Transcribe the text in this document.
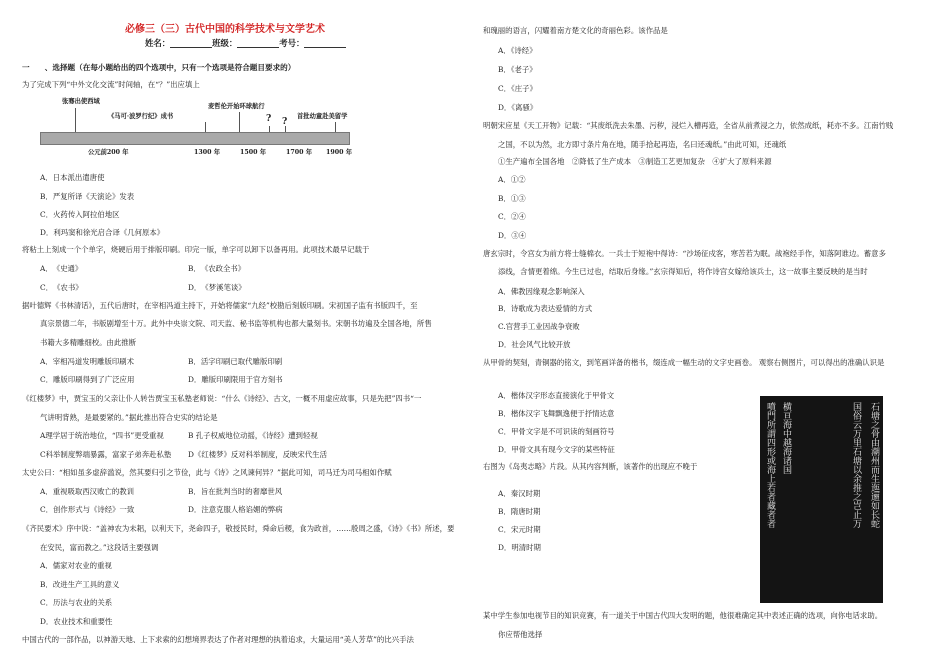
必修三（三）古代中国的科学技术与文学艺术
姓名：	班级：	考号：
一　　、选择题（在每小题给出的四个选项中，只有一个选项是符合题目要求的）
为了完成下列“中外文化交流”时间轴，在“？”出应填上
张骞出使西域
《马可·波罗行纪》成书
麦哲伦开始环球航行
首批幼童赴美留学
? ?
公元前200 年	1300 年	1500 年	1700 年 1900 年
A．日本派出遣唐使
B．严复所译《天演论》发表
C．火药传入阿拉伯地区
D．利玛窦和徐光启合译《几何原本》
将粘土上刻成一个个单字，烧硬后用于排版印刷。印完一版，单字可以卸下以备再用。此项技术最早记载于
A．　《史通》	B．　《农政全书》
C．　《农书》	D．　《梦溪笔谈》
据叶德辉《书林清话》，五代后唐时，在宰相冯道主持下，开始将儒家“九经”校勘后刻版印刷。宋初国子监有书版四千，至
真宗景德二年，书版剧增至十万。此外中央崇文院、司天监、秘书监等机构也都大量刻书。宋朝书坊遍及全国各地，所售
书籍大多精雕细校。由此推断
A．宰相冯道发明雕版印刷术	B．活字印刷已取代雕版印刷
C．雕版印刷得到了广泛应用	D．雕版印刷限用于官方刻书
《红楼梦》中，贾宝玉的父亲让仆人转告贾宝玉私塾老师说：“什么《诗经》、古文，一概不用虚应故事，只是先把”四书“一
气讲明背熟，是最要紧的。”据此推出符合史实的结论是
A理学居于统治地位，“四书”更受重视	B 孔子权威地位动摇，《诗经》遭到轻视
C科举制度弊端暴露，富家子弟奔赴私塾 D《红楼梦》反对科举制度，反映宋代生活
太史公曰：“相如虽多虚辞滥说，然其要归引之节俭，此与《诗》之风谏何异？”据此可知，司马迁为司马相如作赋
A．重视吸取西汉败亡的教训	B．旨在批判当时的奢靡世风
C．创作形式与《诗经》一致	D．注意克服人格谄媚的弊病
《齐民要术》序中说：“盖神农为未耜，以利天下，尧命四子，敬授民时，舜命后稷，食为政首，……殷周之盛，《诗》《书》所述，要
在安民，富而教之。”这段话主要强调
A．儒家对农业的重视
B．改进生产工具的意义
C．历法与农业的关系
D．农业技术和重要性
中国古代的一部作品，以神游天地、上下求索的幻想境界表达了作者对理想的执着追求，大量运用“美人芳草”的比兴手法
和瑰丽的语言，闪耀着南方楚文化的奇丽色彩。该作品是
A．《诗经》
B．《老子》
C．《庄子》
D．《离骚》
明朝宋应星《天工开物》记载：“其废纸洗去朱墨、污秽，浸烂入槽再造，全省从前煮浸之力，依然成纸，耗亦不多。江南竹贱
之国，不以为然，北方即寸条片角在地，随手拾起再造，名曰还魂纸。”由此可知，还魂纸
①生产遍布全国各地　②降低了生产成本　③制造工艺更加复杂　④扩大了原料来源
A．①②
B．①③
C．②④
D．③④
唐玄宗时，令宫女为前方将士缝棉衣。一兵士于短袍中得诗：“沙场征戍客，寒苦若为眠。战袍经手作，知落阿谁边。蓄意多
添线，含情更着绵。今生已过也，结取后身缘。”玄宗得知后，将作诗宫女嫁给该兵士，这一故事主要反映的是当时
A．佛教因缘观念影响深入
B．诗歌成为表达爱情的方式
C.官营手工业因战争衰败
D．社会风气比较开放
从甲骨的契刻，青铜器的铭文，到笔画详备的楷书，缀连成一幅生动的文字史画卷。 观察右侧图片，可以得出的准确认识是
A．楷体汉字形态直接演化于甲骨文
B．楷体汉字飞舞飘逸便于抒情达意
C．甲骨文字是不可识读的刻画符号
D．甲骨文具有现今文字的某些特征
右图为《岛夷志略》片段。从其内容判断，该著作的出现应不晚于
A．秦汉时期
B．隋唐时期
C．宋元时期
D．明清时期
某中学生参加电视节目的知识竞赛，有一道关于中国古代四大发明的题，他很难确定其中表述正确的选项，向你电话求助。
你应帮他选择
石塘之骨由潮州而生迤逦如长蛇
国俗云万里石塘以余推之岂止万
横亘海中越海诸国
噴門所謂四形或海上若者藏者者
